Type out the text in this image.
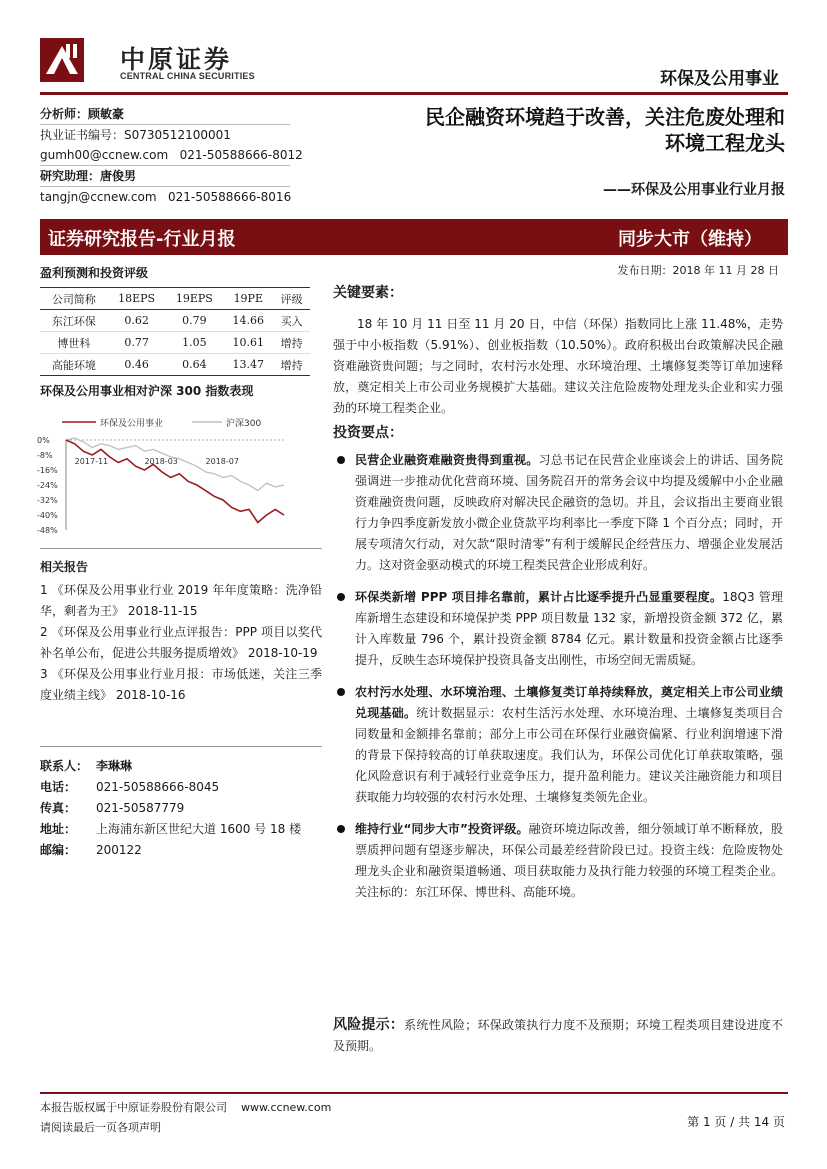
中原证券
CENTRAL CHINA SECURITIES	环保及公用事业
分析师：顾敏豪
执业证书编号：S0730512100001
gumh00@ccnew.com 021-50588666-8012
研究助理：唐俊男
tangjn@ccnew.com 021-50588666-8016
民企融资环境趋于改善，关注危废处理和
环境工程龙头
——环保及公用事业行业月报
证券研究报告-行业月报	同步大市（维持）
发布日期：2018 年 11 月 28 日
盈利预测和投资评级
公司简称	18EPS	19EPS	19PE	评级
东江环保	0.62	0.79	14.66	买入
博世科	0.77	1.05	10.61	增持
高能环境	0.46	0.64	13.47	增持
环保及公用事业相对沪深 300 指数表现
环保及公用事业	沪深300
0%
-8%
-16%
-24%
-32%
-40%
-48%
2017-11	2018-03	2018-07
相关报告

1 《环保及公用事业行业 2019 年年度策略：洗净铅华，剩者为王》 2018-11-15

2 《环保及公用事业行业点评报告：PPP 项目以奖代补名单公布，促进公共服务提质增效》 2018-10-19

3 《环保及公用事业行业月报：市场低迷，关注三季度业绩主线》 2018-10-16

联系人： 李琳琳
电话：	021-50588666-8045
传真：	021-50587779
地址：	上海浦东新区世纪大道 1600 号 18 楼
邮编：	200122
关键要素：

18 年 10 月 11 日至 11 月 20 日，中信（环保）指数同比上涨 11.48%，走势强于中小板指数（5.91%）、创业板指数（10.50%）。政府积极出台政策解决民企融资难融资贵问题；与之同时，农村污水处理、水环境治理、土壤修复类等订单加速释放，奠定相关上市公司业务规模扩大基础。建议关注危险废物处理龙头企业和实力强劲的环境工程类企业。

投资要点：
民营企业融资难融资贵得到重视。习总书记在民营企业座谈会上的讲话、国务院强调进一步推动优化营商环境、国务院召开的常务会议中均提及缓解中小企业融资难融资贵问题，反映政府对解决民企融资的急切。并且，会议指出主要商业银行力争四季度新发放小微企业贷款平均利率比一季度下降 1 个百分点；同时，开展专项清欠行动，对欠款“限时清零”有利于缓解民企经营压力、增强企业发展活力。这对资金驱动模式的环境工程类民营企业形成利好。
环保类新增 PPP 项目排名靠前，累计占比逐季提升凸显重要程度。18Q3 管理库新增生态建设和环境保护类 PPP 项目数量 132 家，新增投资金额 372 亿，累计入库数量 796 个，累计投资金额 8784 亿元。累计数量和投资金额占比逐季提升，反映生态环境保护投资具备支出刚性，市场空间无需质疑。
农村污水处理、水环境治理、土壤修复类订单持续释放，奠定相关上市公司业绩兑现基础。统计数据显示：农村生活污水处理、水环境治理、土壤修复类项目合同数量和金额排名靠前；部分上市公司在环保行业融资偏紧、行业利润增速下滑的背景下保持较高的订单获取速度。我们认为，环保公司优化订单获取策略，强化风险意识有利于减轻行业竞争压力，提升盈利能力。建议关注融资能力和项目获取能力均较强的农村污水处理、土壤修复类领先企业。
维持行业“同步大市”投资评级。融资环境边际改善，细分领域订单不断释放，股票质押问题有望逐步解决，环保公司最差经营阶段已过。投资主线：危险废物处理龙头企业和融资渠道畅通、项目获取能力及执行能力较强的环境工程类企业。关注标的：东江环保、博世科、高能环境。
风险提示：系统性风险；环保政策执行力度不及预期；环境工程类项目建设进度不及预期。
本报告版权属于中原证券股份有限公司 www.ccnew.com
请阅读最后一页各项声明	第 1 页 / 共 14 页
